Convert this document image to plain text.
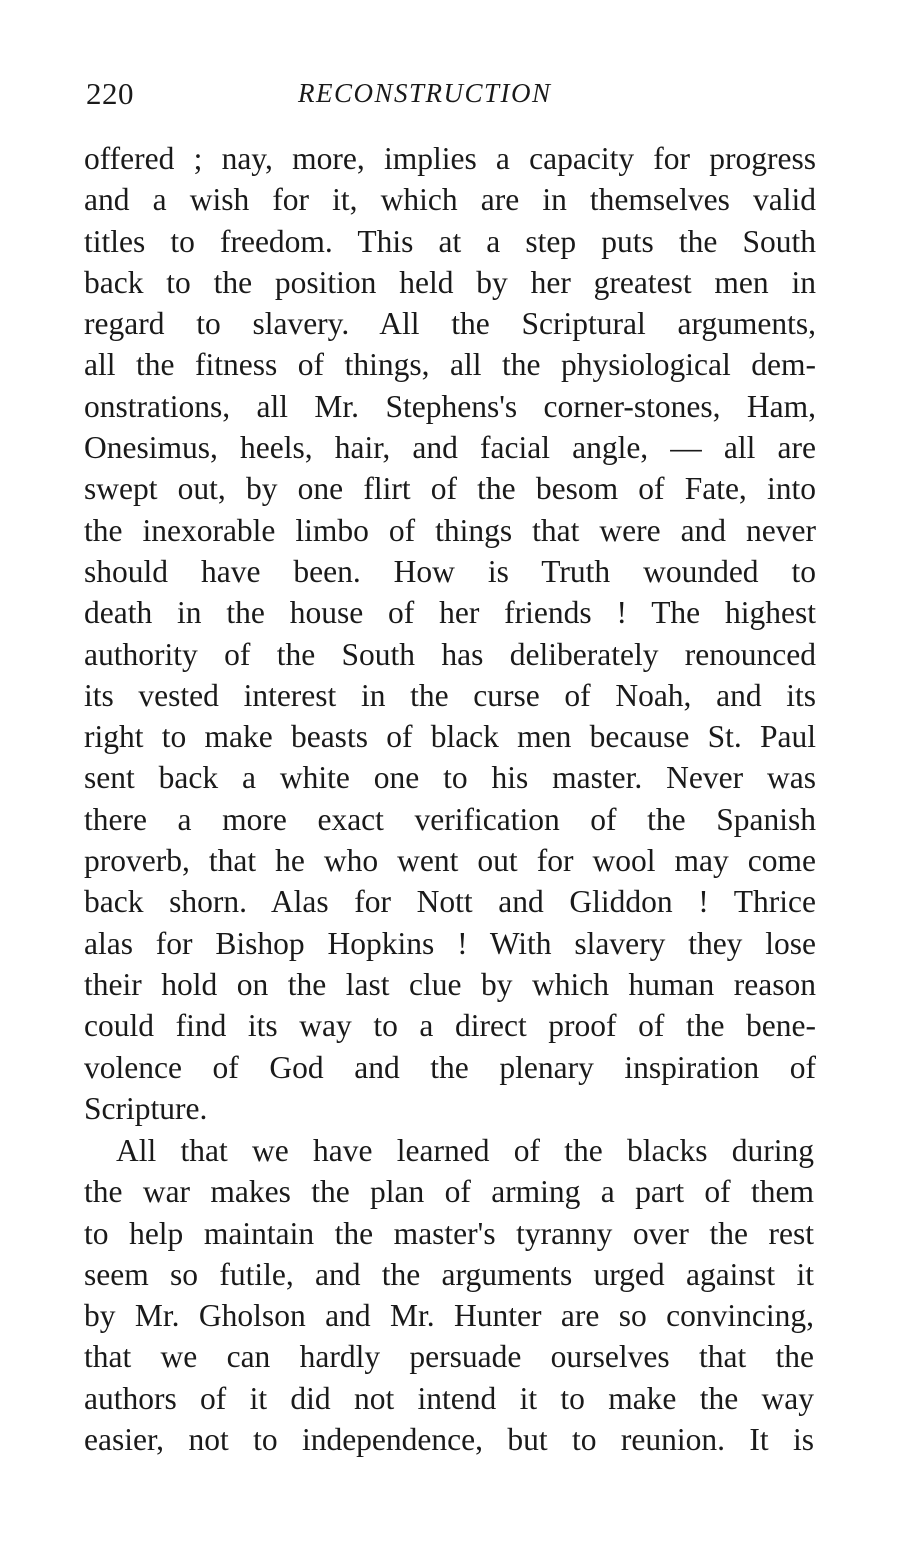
220	RECONSTRUCTION
offered ; nay, more, implies a capacity for progress
and a wish for it, which are in themselves valid
titles to freedom. This at a step puts the South
back to the position held by her greatest men in
regard to slavery. All the Scriptural arguments,
all the fitness of things, all the physiological dem-
onstrations, all Mr. Stephens's corner-stones, Ham,
Onesimus, heels, hair, and facial angle, — all are
swept out, by one flirt of the besom of Fate, into
the inexorable limbo of things that were and never
should have been. How is Truth wounded to
death in the house of her friends ! The highest
authority of the South has deliberately renounced
its vested interest in the curse of Noah, and its
right to make beasts of black men because St. Paul
sent back a white one to his master. Never was
there a more exact verification of the Spanish
proverb, that he who went out for wool may come
back shorn. Alas for Nott and Gliddon ! Thrice
alas for Bishop Hopkins ! With slavery they lose
their hold on the last clue by which human reason
could find its way to a direct proof of the bene-
volence of God and the plenary inspiration of
Scripture.
All that we have learned of the blacks during
the war makes the plan of arming a part of them
to help maintain the master's tyranny over the rest
seem so futile, and the arguments urged against it
by Mr. Gholson and Mr. Hunter are so convincing,
that we can hardly persuade ourselves that the
authors of it did not intend it to make the way
easier, not to independence, but to reunion. It is
